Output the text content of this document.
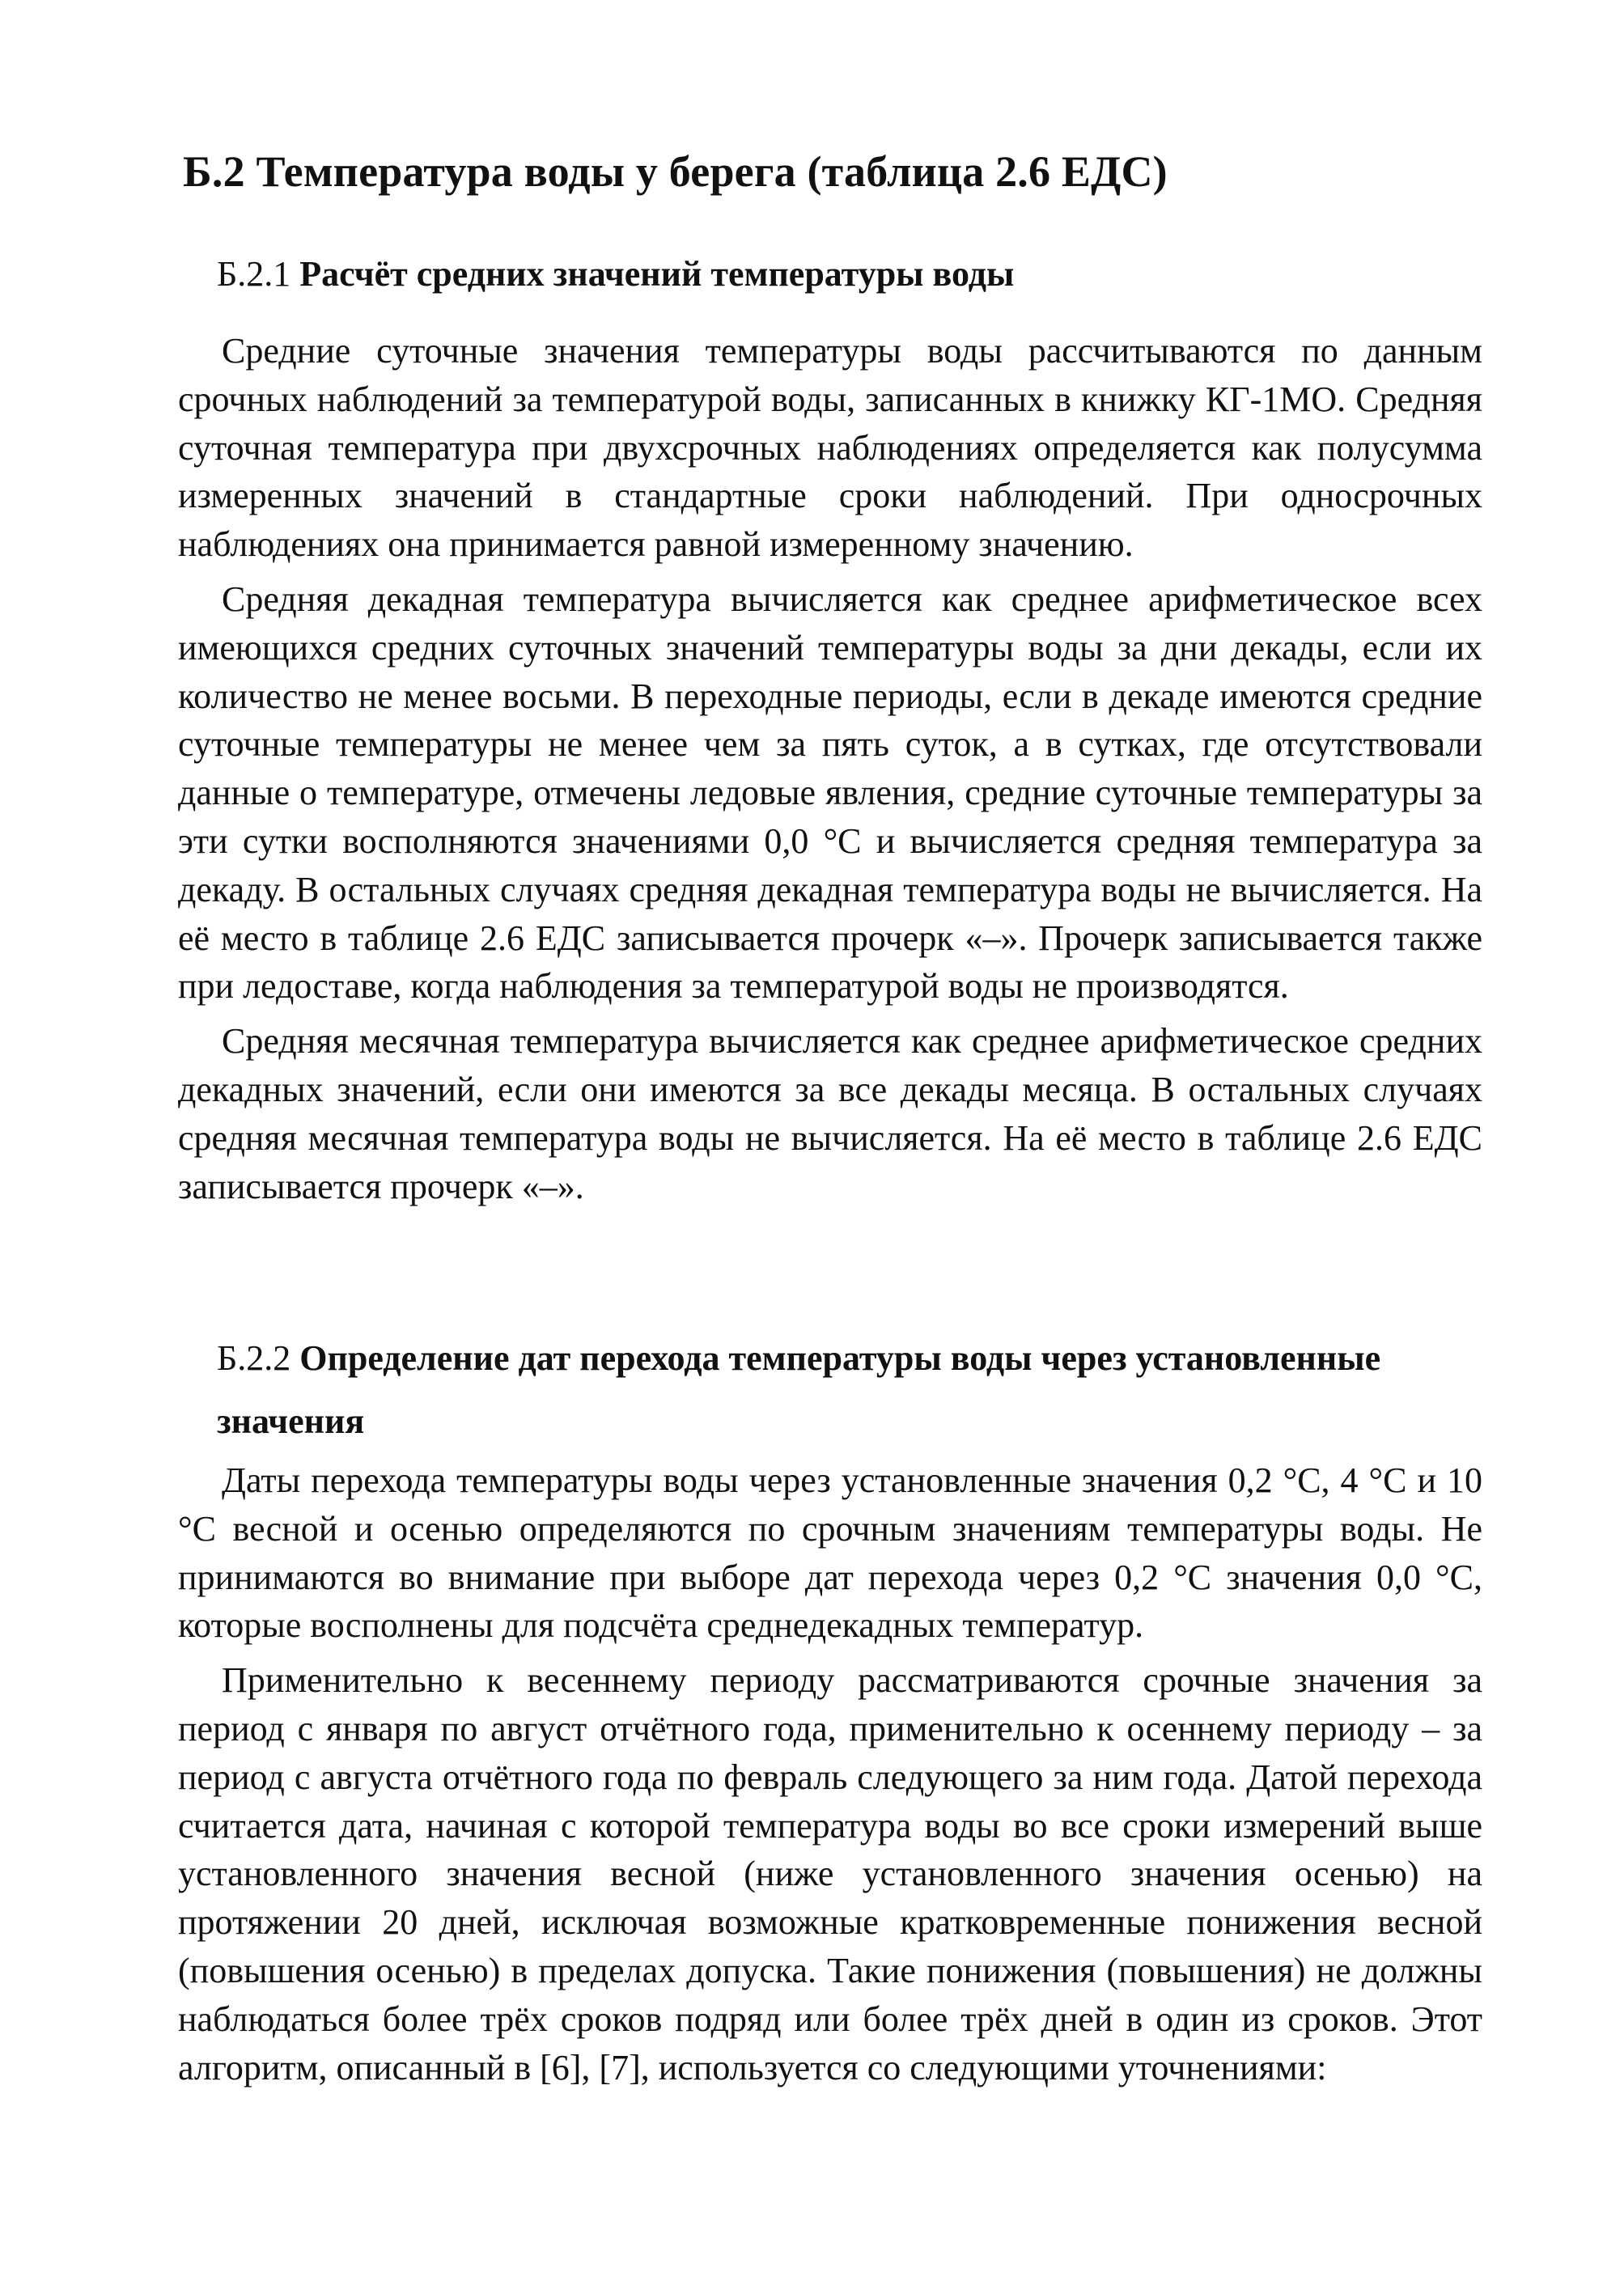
Б.2 Температура воды у берега (таблица 2.6 ЕДС)
Б.2.1 Расчёт средних значений температуры воды

Средние суточные значения температуры воды рассчитываются по данным срочных наблюдений за температурой воды, записанных в книжку КГ-1МО. Средняя суточная температура при двухсрочных наблюдениях определяется как полусумма измеренных значений в стандартные сроки наблюдений. При односрочных наблюдениях она принимается равной измеренному значению.

Средняя декадная температура вычисляется как среднее арифметическое всех имеющихся средних суточных значений температуры воды за дни декады, если их количество не менее восьми. В переходные периоды, если в декаде имеются средние суточные температуры не менее чем за пять суток, а в сутках, где отсутствовали данные о температуре, отмечены ледовые явления, средние суточные температуры за эти сутки восполняются значениями 0,0 °С и вычисляется средняя температура за декаду. В остальных случаях средняя декадная температура воды не вычисляется. На её место в таблице 2.6 ЕДС записывается прочерк «–». Прочерк записывается также при ледоставе, когда наблюдения за температурой воды не производятся.

Средняя месячная температура вычисляется как среднее арифметическое средних декадных значений, если они имеются за все декады месяца. В остальных случаях средняя месячная температура воды не вычисляется. На её место в таблице 2.6 ЕДС записывается прочерк «–».

Б.2.2 Определение дат перехода температуры воды через установленные значения

Даты перехода температуры воды через установленные значения 0,2 °С, 4 °С и 10 °С весной и осенью определяются по срочным значениям температуры воды. Не принимаются во внимание при выборе дат перехода через 0,2 °С значения 0,0 °С, которые восполнены для подсчёта среднедекадных температур.

Применительно к весеннему периоду рассматриваются срочные значения за период с января по август отчётного года, применительно к осеннему периоду – за период с августа отчётного года по февраль следующего за ним года. Датой перехода считается дата, начиная с которой температура воды во все сроки измерений выше установленного значения весной (ниже установленного значения осенью) на протяжении 20 дней, исключая возможные кратковременные понижения весной (повышения осенью) в пределах допуска. Такие понижения (повышения) не должны наблюдаться более трёх сроков подряд или более трёх дней в один из сроков. Этот алгоритм, описанный в [6], [7], используется со следующими уточнениями:
